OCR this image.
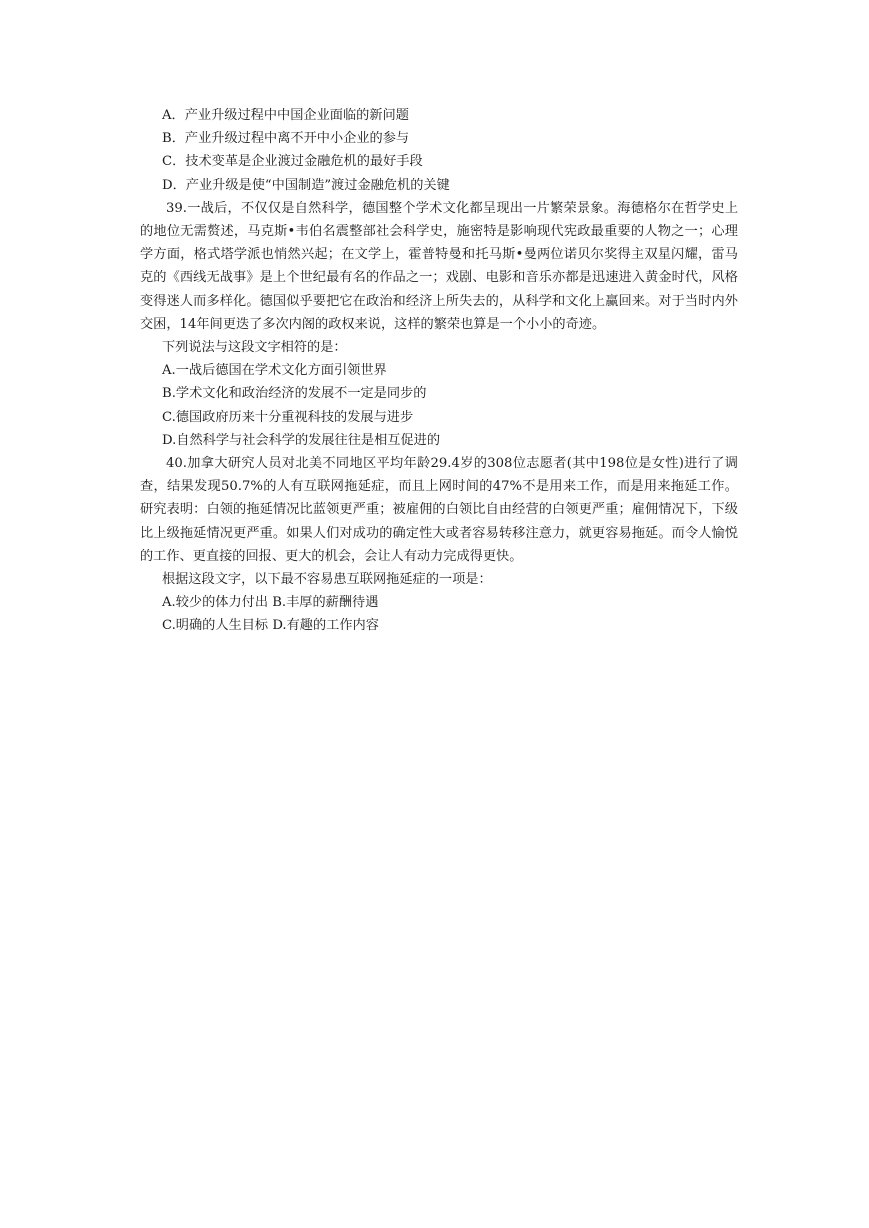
A．产业升级过程中中国企业面临的新问题

B．产业升级过程中离不开中小企业的参与

C．技术变革是企业渡过金融危机的最好手段

D．产业升级是使“中国制造”渡过金融危机的关键

39.一战后，不仅仅是自然科学，德国整个学术文化都呈现出一片繁荣景象。海德格尔在哲学史上的地位无需赘述，马克斯•韦伯名震整部社会科学史，施密特是影响现代宪政最重要的人物之一；心理学方面，格式塔学派也悄然兴起；在文学上，霍普特曼和托马斯•曼两位诺贝尔奖得主双星闪耀，雷马克的《西线无战事》是上个世纪最有名的作品之一；戏剧、电影和音乐亦都是迅速进入黄金时代，风格变得迷人而多样化。德国似乎要把它在政治和经济上所失去的，从科学和文化上赢回来。对于当时内外交困，14年间更迭了多次内阁的政权来说，这样的繁荣也算是一个小小的奇迹。

下列说法与这段文字相符的是：

A.一战后德国在学术文化方面引领世界

B.学术文化和政治经济的发展不一定是同步的

C.德国政府历来十分重视科技的发展与进步

D.自然科学与社会科学的发展往往是相互促进的

40.加拿大研究人员对北美不同地区平均年龄29.4岁的308位志愿者(其中198位是女性)进行了调查，结果发现50.7%的人有互联网拖延症，而且上网时间的47%不是用来工作，而是用来拖延工作。研究表明：白领的拖延情况比蓝领更严重；被雇佣的白领比自由经营的白领更严重；雇佣情况下，下级比上级拖延情况更严重。如果人们对成功的确定性大或者容易转移注意力，就更容易拖延。而令人愉悦的工作、更直接的回报、更大的机会，会让人有动力完成得更快。

根据这段文字，以下最不容易患互联网拖延症的一项是：

A.较少的体力付出 B.丰厚的薪酬待遇

C.明确的人生目标 D.有趣的工作内容
